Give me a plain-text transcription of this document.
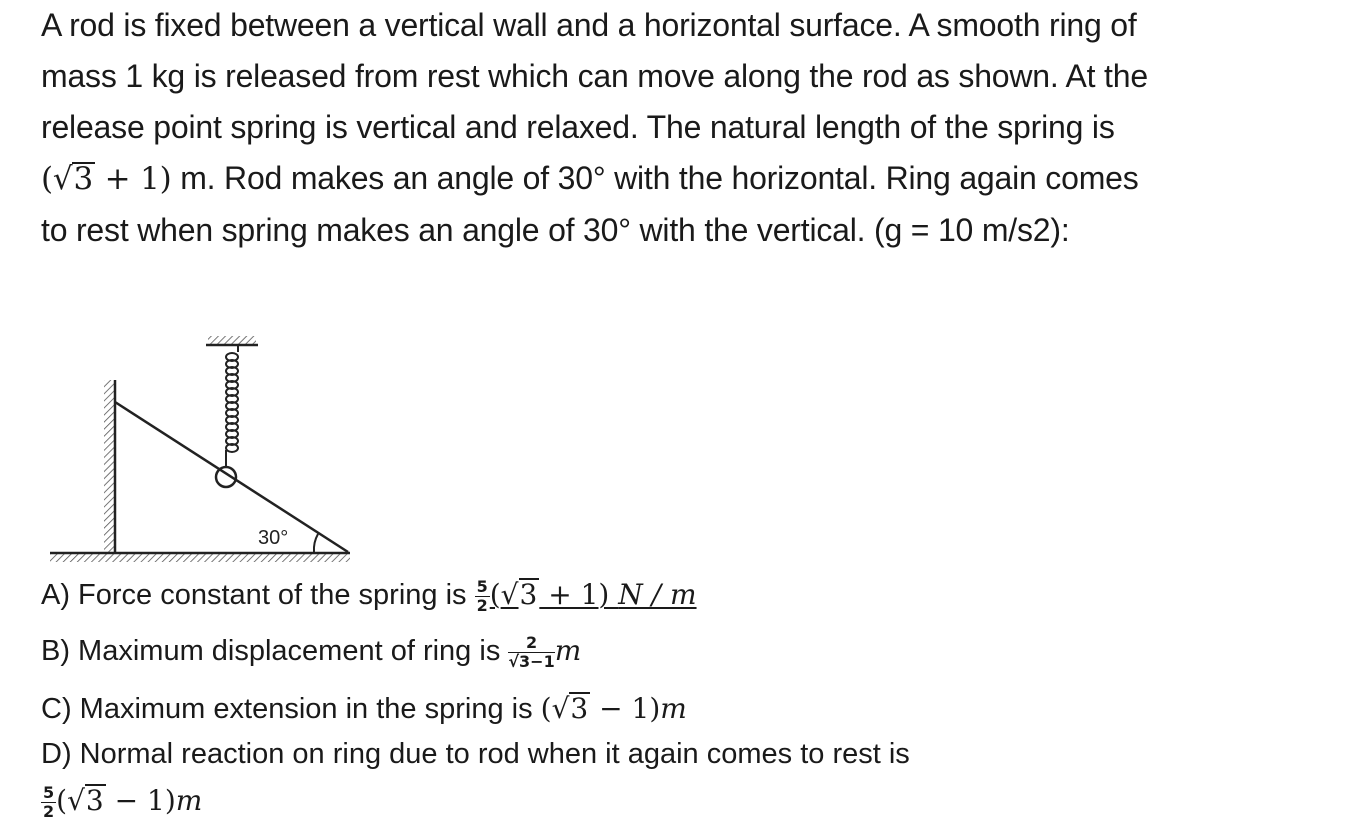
A rod is fixed between a vertical wall and a horizontal surface. A smooth ring of
mass 1 kg is released from rest which can move along the rod as shown. At the
release point spring is vertical and relaxed. The natural length of the spring is
(√3 + 1) m. Rod makes an angle of 30° with the horizontal. Ring again comes
to rest when spring makes an angle of 30° with the vertical. (g = 10 m/s2):
30°
A) Force constant of the spring is $\frac{5}{2} (√3 + 1)$ N / m
B) Maximum displacement of ring is $\frac{2}{√3-1}$ m
C) Maximum extension in the spring is (√3 − 1)m
D) Normal reaction on ring due to rod when it again comes to rest is
$\frac{5}{2} (√3 - 1)m$
